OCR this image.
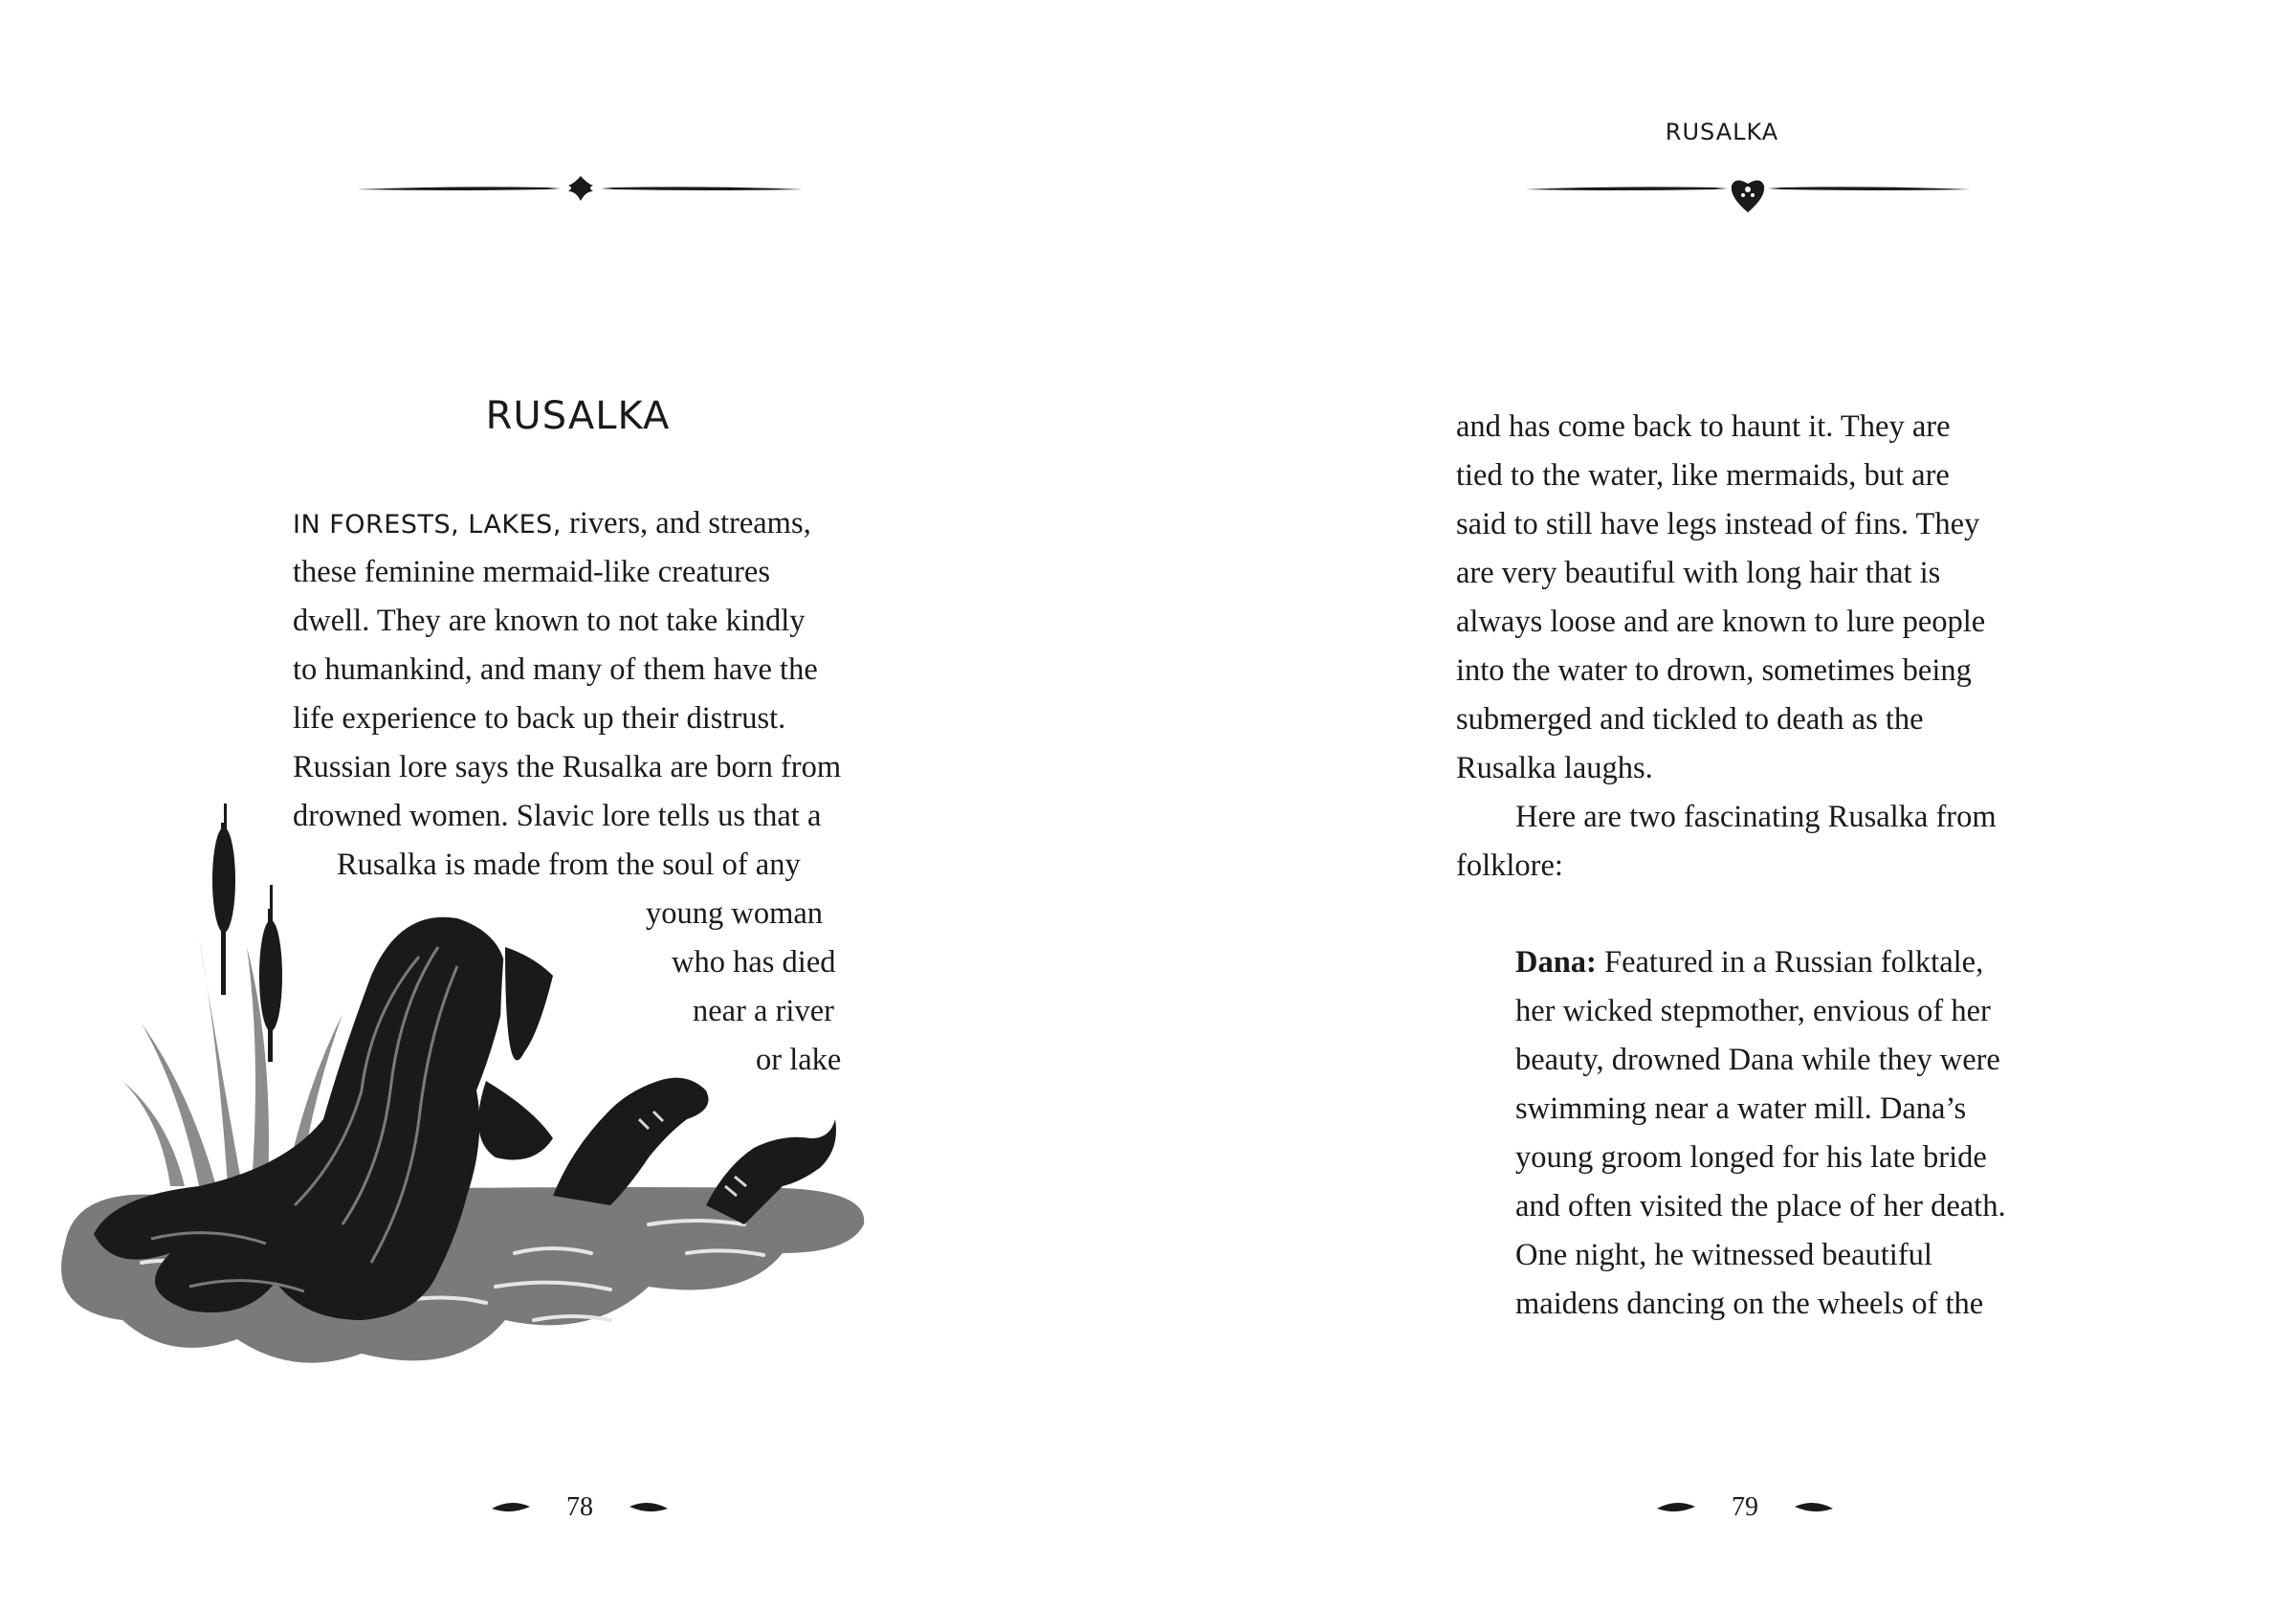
RUSALKA
IN FORESTS, LAKES, rivers, and streams,
these feminine mermaid-like creatures
dwell. They are known to not take kindly
to humankind, and many of them have the
life experience to back up their distrust.
Russian lore says the Rusalka are born from
drowned women. Slavic lore tells us that a
Rusalka is made from the soul of any
young woman
who has died
near a river
or lake
78
RUSALKA
and has come back to haunt it. They are
tied to the water, like mermaids, but are
said to still have legs instead of fins. They
are very beautiful with long hair that is
always loose and are known to lure people
into the water to drown, sometimes being
submerged and tickled to death as the
Rusalka laughs.
Here are two fascinating Rusalka from
folklore:
Dana: Featured in a Russian folktale,
her wicked stepmother, envious of her
beauty, drowned Dana while they were
swimming near a water mill. Dana’s
young groom longed for his late bride
and often visited the place of her death.
One night, he witnessed beautiful
maidens dancing on the wheels of the
79
